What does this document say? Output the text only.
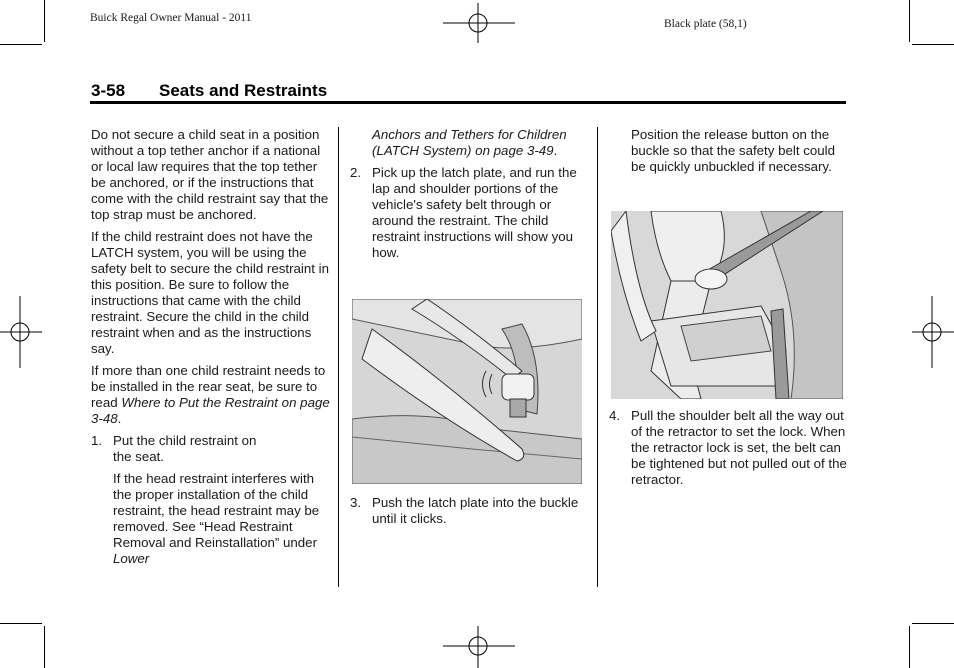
Buick Regal Owner Manual - 2011	Black plate (58,1)
3-58 Seats and Restraints

Do not secure a child seat in a position without a top tether anchor if a national or local law requires that the top tether be anchored, or if the instructions that come with the child restraint say that the top strap must be anchored.

If the child restraint does not have the LATCH system, you will be using the safety belt to secure the child restraint in this position. Be sure to follow the instructions that came with the child restraint. Secure the child in the child restraint when and as the instructions say.

If more than one child restraint needs to be installed in the rear seat, be sure to read Where to Put the Restraint on page 3-48.

1. Put the child restraint on the seat.

If the head restraint interferes with the proper installation of the child restraint, the head restraint may be removed. See “Head Restraint Removal and Reinstallation” under Lower

Anchors and Tethers for Children (LATCH System) on page 3-49.

2. Pick up the latch plate, and run the lap and shoulder portions of the vehicle's safety belt through or around the restraint. The child restraint instructions will show you how.
3. Push the latch plate into the buckle until it clicks.

Position the release button on the buckle so that the safety belt could be quickly unbuckled if necessary.

4. Pull the shoulder belt all the way out of the retractor to set the lock. When the retractor lock is set, the belt can be tightened but not pulled out of the retractor.
